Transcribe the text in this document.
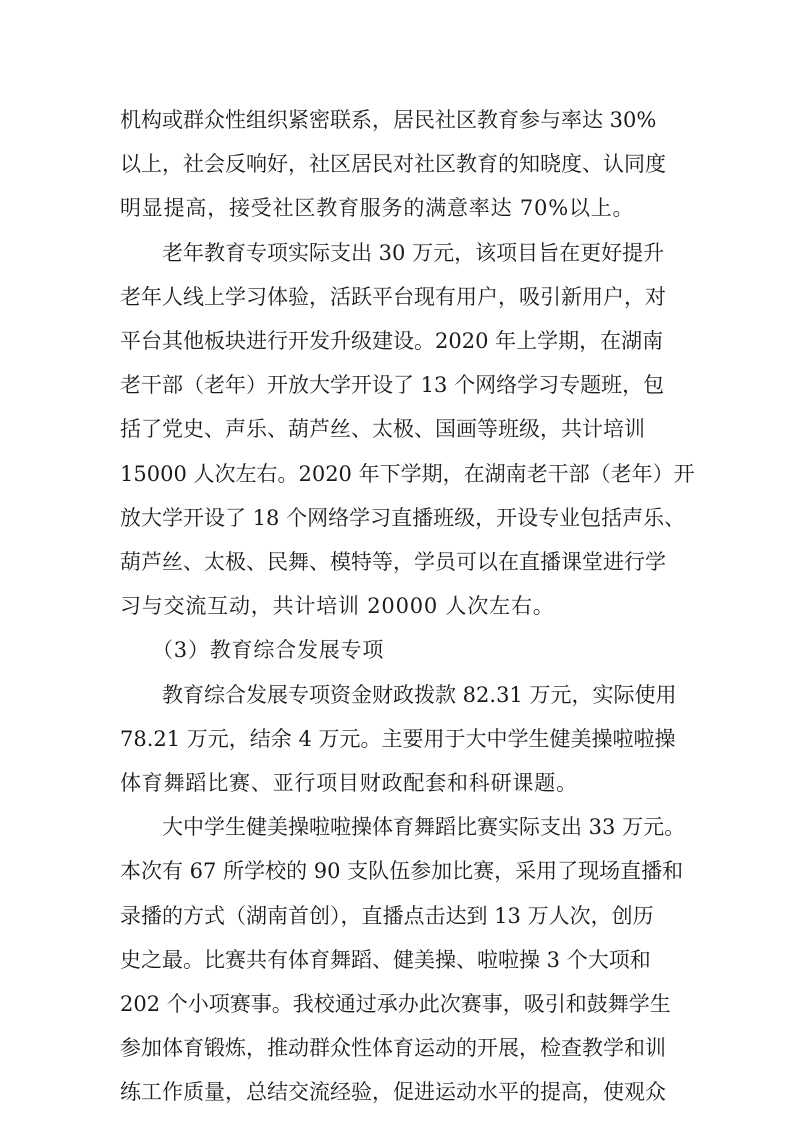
机构或群众性组织紧密联系，居民社区教育参与率达 30%
以上，社会反响好，社区居民对社区教育的知晓度、认同度
明显提高，接受社区教育服务的满意率达 70%以上。
老年教育专项实际支出 30 万元，该项目旨在更好提升
老年人线上学习体验，活跃平台现有用户，吸引新用户，对
平台其他板块进行开发升级建设。2020 年上学期，在湖南
老干部（老年）开放大学开设了 13 个网络学习专题班，包
括了党史、声乐、葫芦丝、太极、国画等班级，共计培训
15000 人次左右。2020 年下学期，在湖南老干部（老年）开
放大学开设了 18 个网络学习直播班级，开设专业包括声乐、
葫芦丝、太极、民舞、模特等，学员可以在直播课堂进行学
习与交流互动，共计培训 20000 人次左右。
（3）教育综合发展专项
教育综合发展专项资金财政拨款 82.31 万元，实际使用
78.21 万元，结余 4 万元。主要用于大中学生健美操啦啦操
体育舞蹈比赛、亚行项目财政配套和科研课题。
大中学生健美操啦啦操体育舞蹈比赛实际支出 33 万元。
本次有 67 所学校的 90 支队伍参加比赛，采用了现场直播和
录播的方式（湖南首创），直播点击达到 13 万人次，创历
史之最。比赛共有体育舞蹈、健美操、啦啦操 3 个大项和
202 个小项赛事。我校通过承办此次赛事，吸引和鼓舞学生
参加体育锻炼，推动群众性体育运动的开展，检查教学和训
练工作质量，总结交流经验，促进运动水平的提高，使观众
